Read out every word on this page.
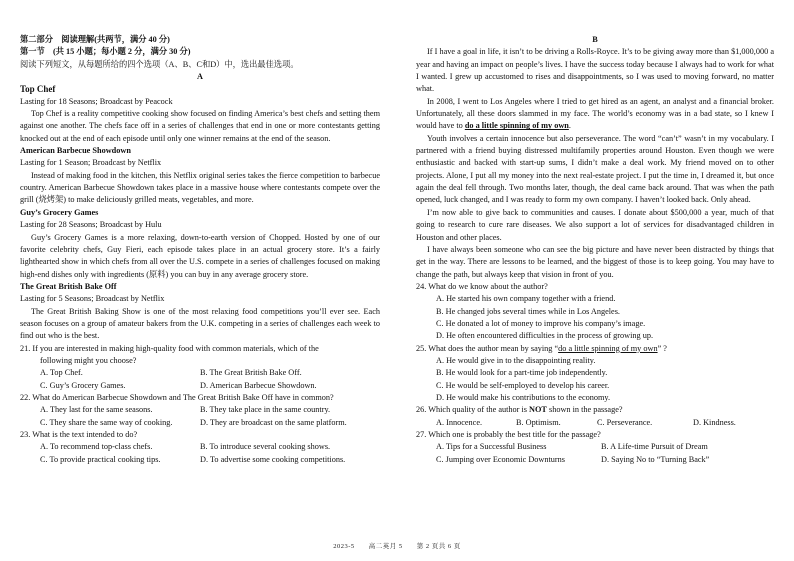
第二部分　阅读理解(共两节，满分 40 分)

第一节　(共 15 小题；每小题 2 分，满分 30 分)

阅读下列短文，从每题所给的四个选项（A、B、C和D）中，选出最佳选项。

A

Top Chef

Lasting for 18 Seasons; Broadcast by Peacock

Top Chef is a reality competitive cooking show focused on finding America’s best chefs and setting them against one another. The chefs face off in a series of challenges that end in one or more contestants getting knocked out at the end of each episode until only one winner remains at the end of the season.

American Barbecue Showdown

Lasting for 1 Season; Broadcast by Netflix

Instead of making food in the kitchen, this Netflix original series takes the fierce competition to barbecue country. American Barbecue Showdown takes place in a massive house where contestants compete over the grill (烧烤架) to make deliciously grilled meats, vegetables, and more.

Guy’s Grocery Games

Lasting for 28 Seasons; Broadcast by Hulu

Guy’s Grocery Games is a more relaxing, down-to-earth version of Chopped. Hosted by one of our favorite celebrity chefs, Guy Fieri, each episode takes place in an actual grocery store. It’s a fairly lighthearted show in which chefs from all over the U.S. compete in a series of challenges focused on making high-end dishes only with ingredients (原料) you can buy in any average grocery store.

The Great British Bake Off

Lasting for 5 Seasons; Broadcast by Netflix

The Great British Baking Show is one of the most relaxing food competitions you’ll ever see. Each season focuses on a group of amateur bakers from the U.K. competing in a series of challenges each week to find out who is the best.

21. If you are interested in making high-quality food with common materials, which of the

following might you choose?

A. Top Chef.	B. The Great British Bake Off.
C. Guy’s Grocery Games.	D. American Barbecue Showdown.

22. What do American Barbecue Showdown and The Great British Bake Off have in common?

A. They last for the same seasons.	B. They take place in the same country.
C. They share the same way of cooking.	D. They are broadcast on the same platform.

23. What is the text intended to do?

A. To recommend top-class chefs.	B. To introduce several cooking shows.
C. To provide practical cooking tips.	D. To advertise some cooking competitions.

B

If I have a goal in life, it isn’t to be driving a Rolls-Royce. It’s to be giving away more than $1,000,000 a year and having an impact on people’s lives. I have the success today because I always had to work for what I wanted. I grew up accustomed to rises and disappointments, so I was used to moving forward, no matter what.

In 2008, I went to Los Angeles where I tried to get hired as an agent, an analyst and a financial broker. Unfortunately, all these doors slammed in my face. The world’s economy was in a bad state, so I knew I would have to do a little spinning of my own.

Youth involves a certain innocence but also perseverance. The word “can’t” wasn’t in my vocabulary. I partnered with a friend buying distressed multifamily properties around Houston. Even though we were enthusiastic and backed with start-up sums, I didn’t make a deal work. My friend moved on to other projects. Alone, I put all my money into the next real-estate project. I put the time in, I dreamed it, but once again the deal fell through. Two months later, though, the deal came back around. That was when the path opened, luck changed, and I was ready to form my own company. I haven’t looked back. Only ahead.

I’m now able to give back to communities and causes. I donate about $500,000 a year, much of that going to research to cure rare diseases. We also support a lot of services for disadvantaged children in Houston and other places.

I have always been someone who can see the big picture and have never been distracted by things that get in the way. There are lessons to be learned, and the biggest of those is to keep going. You may have to change the path, but always keep that vision in front of you.

24. What do we know about the author?

A. He started his own company together with a friend.

B. He changed jobs several times while in Los Angeles.

C. He donated a lot of money to improve his company’s image.

D. He often encountered difficulties in the process of growing up.

25. What does the author mean by saying “do a little spinning of my own” ?

A. He would give in to the disappointing reality.

B. He would look for a part-time job independently.

C. He would be self-employed to develop his career.

D. He would make his contributions to the economy.

26. Which quality of the author is NOT shown in the passage?

A. Innocence.	B. Optimism.	C. Perseverance.	D. Kindness.

27. Which one is probably the best title for the passage?

A. Tips for a Successful Business	B. A Life-time Pursuit of Dream
C. Jumping over Economic Downturns	D. Saying No to “Turning Back”
2023-5 高二英月 5 第 2 页共 6 页
